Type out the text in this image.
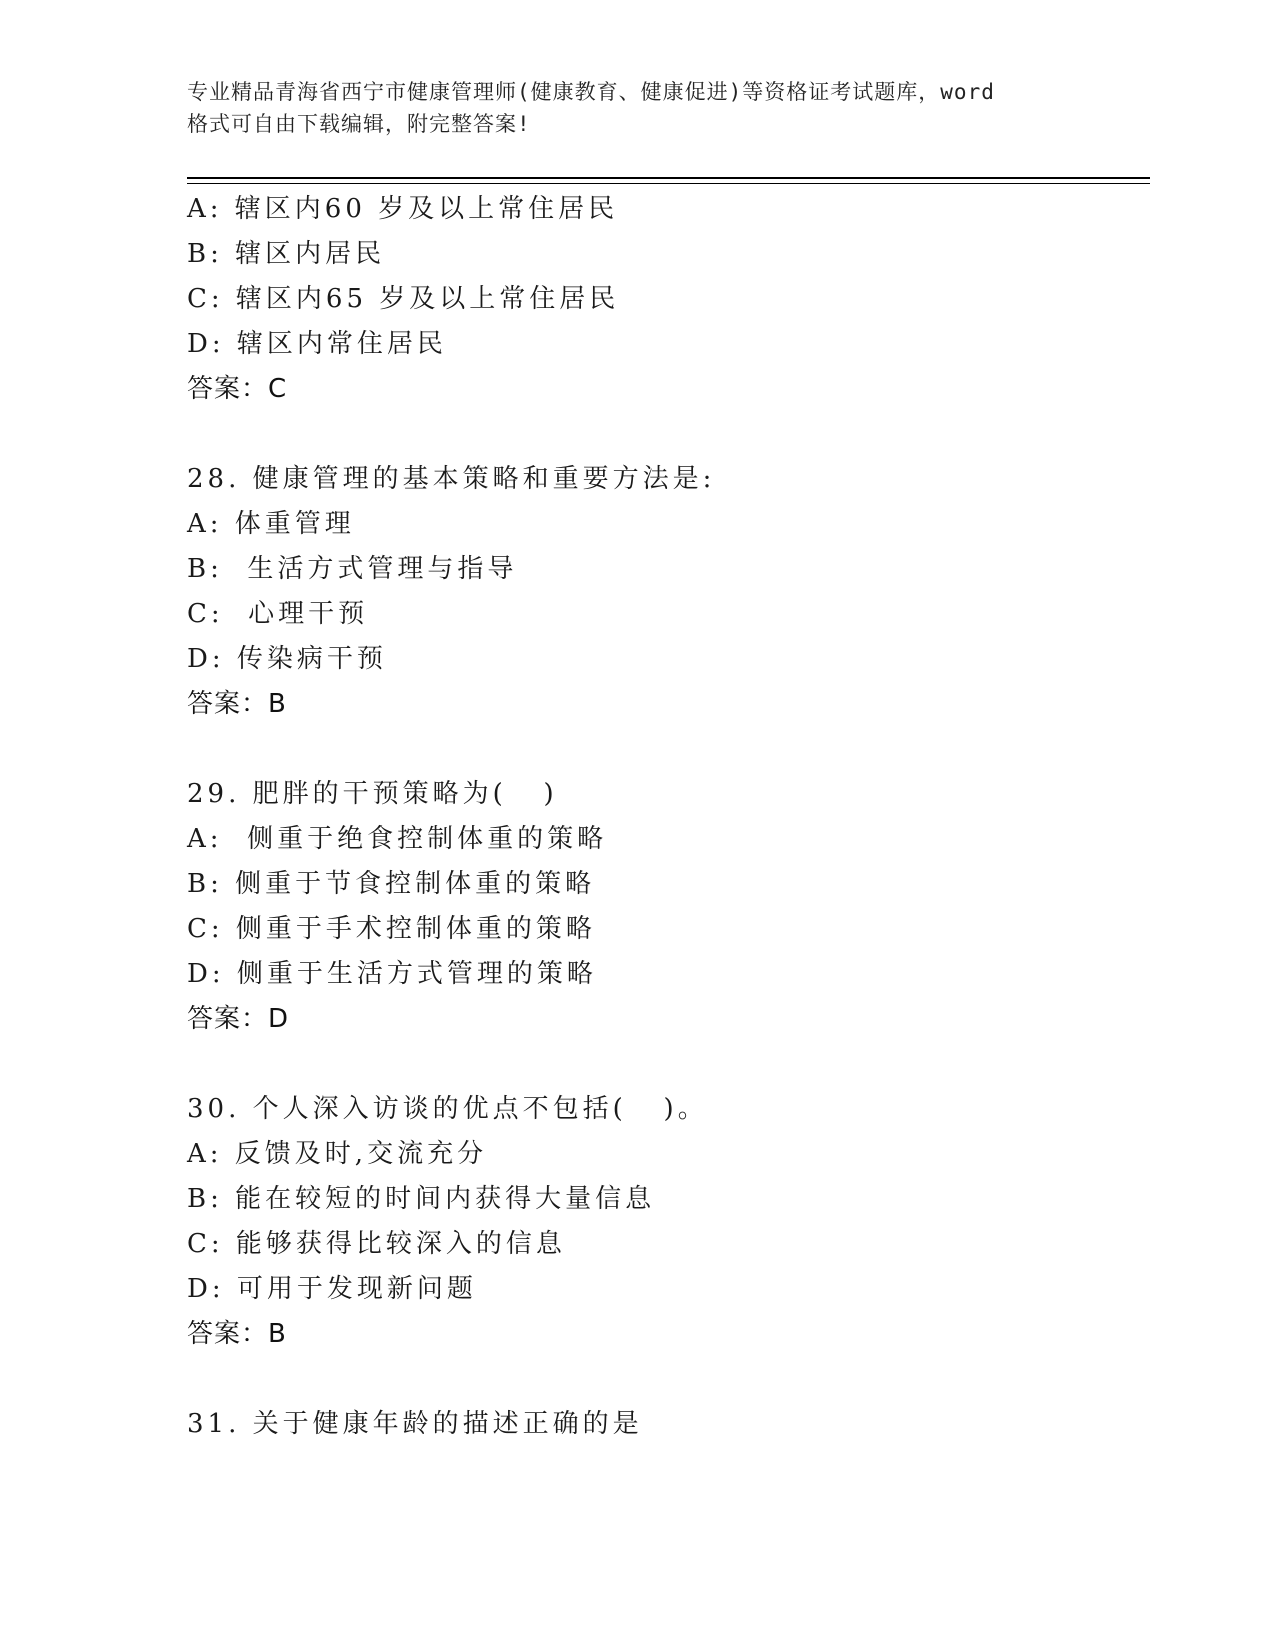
专业精品青海省西宁市健康管理师(健康教育、健康促进)等资格证考试题库，word
格式可自由下载编辑，附完整答案!
A: 辖区内60 岁及以上常住居民
B: 辖区内居民
C: 辖区内65 岁及以上常住居民
D: 辖区内常住居民
答案：C
28. 健康管理的基本策略和重要方法是:
A: 体重管理
B:  生活方式管理与指导
C:  心理干预
D: 传染病干预
答案：B
29. 肥胖的干预策略为(   )
A:  侧重于绝食控制体重的策略
B: 侧重于节食控制体重的策略
C: 侧重于手术控制体重的策略
D: 侧重于生活方式管理的策略
答案：D
30. 个人深入访谈的优点不包括(   )。
A: 反馈及时,交流充分
B: 能在较短的时间内获得大量信息
C: 能够获得比较深入的信息
D: 可用于发现新问题
答案：B
31. 关于健康年龄的描述正确的是
